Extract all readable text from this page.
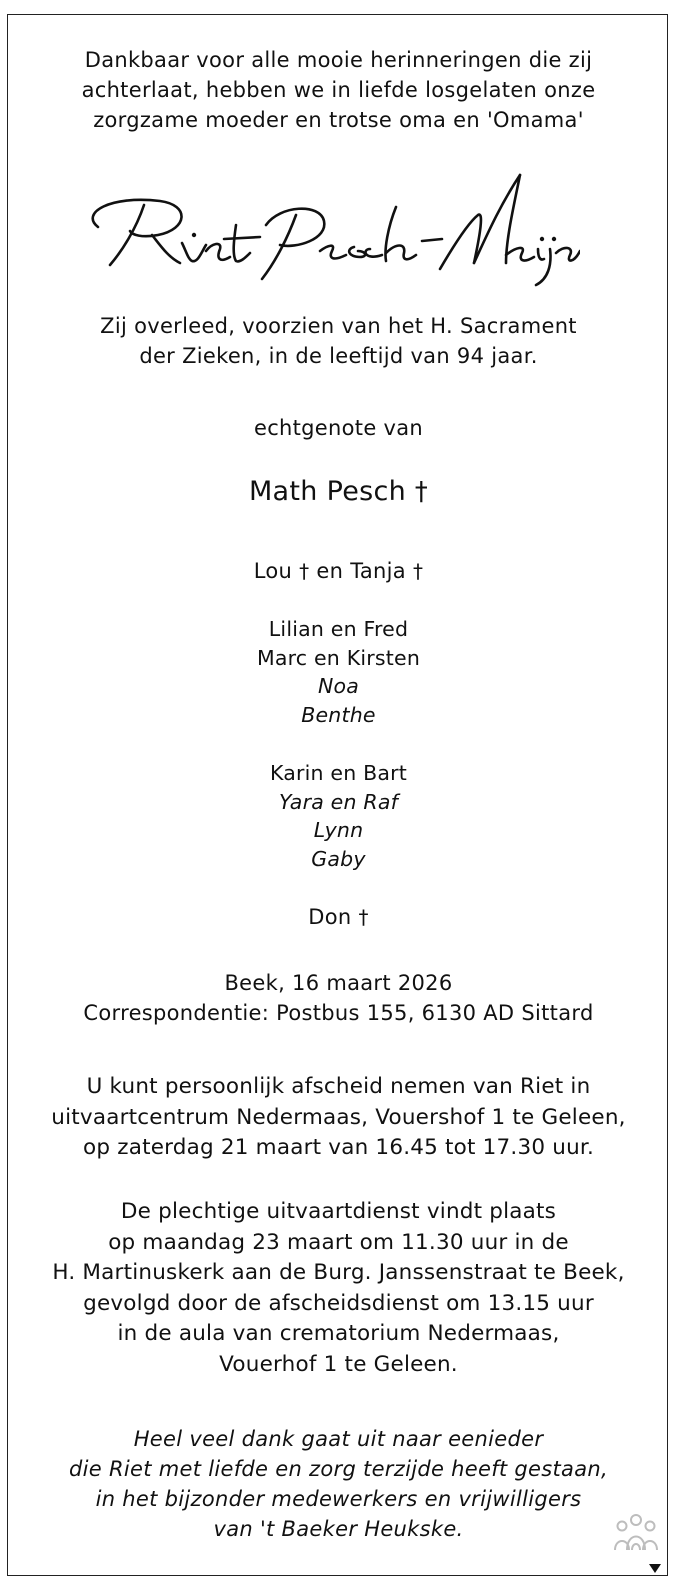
Dankbaar voor alle mooie herinneringen die zij
achterlaat, hebben we in liefde losgelaten onze
zorgzame moeder en trotse oma en 'Omama'
Zij overleed, voorzien van het H. Sacrament
der Zieken, in de leeftijd van 94 jaar.
echtgenote van
Math Pesch †
Lou † en Tanja †
Lilian en Fred
Marc en Kirsten
Noa
Benthe
Karin en Bart
Yara en Raf
Lynn
Gaby
Don †
Beek, 16 maart 2026
Correspondentie: Postbus 155, 6130 AD Sittard
U kunt persoonlijk afscheid nemen van Riet in
uitvaartcentrum Nedermaas, Vouershof 1 te Geleen,
op zaterdag 21 maart van 16.45 tot 17.30 uur.
De plechtige uitvaartdienst vindt plaats
op maandag 23 maart om 11.30 uur in de
H. Martinuskerk aan de Burg. Janssenstraat te Beek,
gevolgd door de afscheidsdienst om 13.15 uur
in de aula van crematorium Nedermaas,
Vouerhof 1 te Geleen.
Heel veel dank gaat uit naar eenieder
die Riet met liefde en zorg terzijde heeft gestaan,
in het bijzonder medewerkers en vrijwilligers
van 't Baeker Heukske.
